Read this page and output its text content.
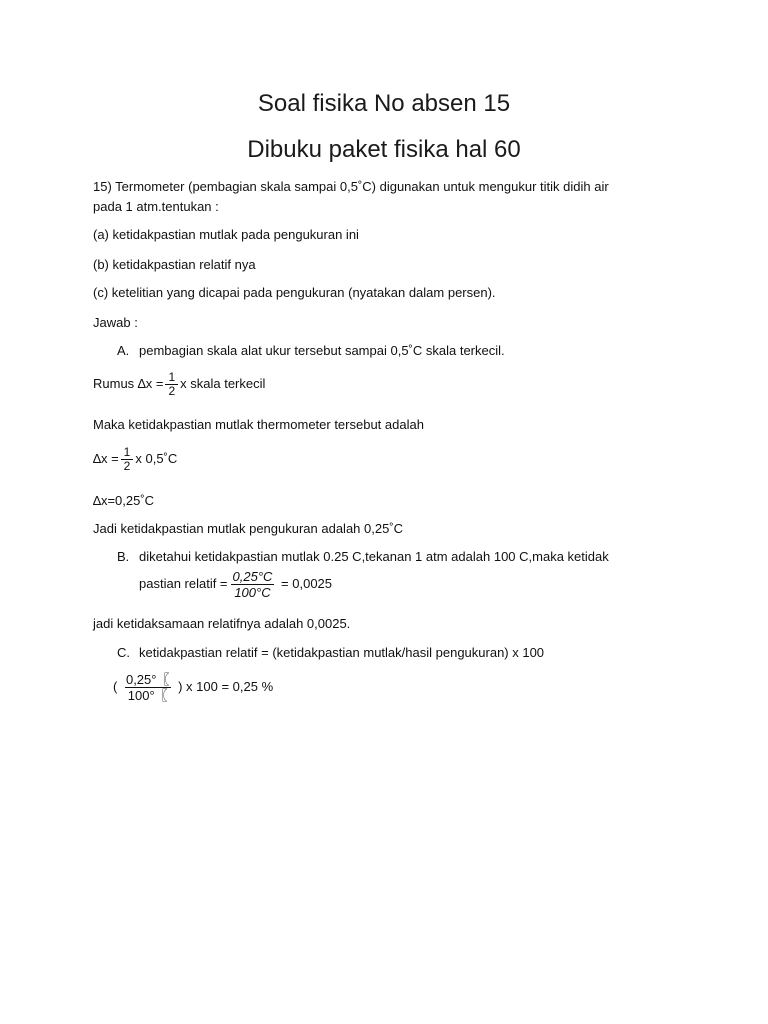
Soal fisika No absen 15
Dibuku paket fisika hal 60
15) Termometer (pembagian skala sampai 0,5˚C) digunakan untuk mengukur titik didih air
pada 1 atm.tentukan :
(a) ketidakpastian mutlak pada pengukuran ini
(b) ketidakpastian relatif nya
(c) ketelitian yang dicapai pada pengukuran (nyatakan dalam persen).
Jawab :
A. pembagian skala alat ukur tersebut sampai 0,5˚C skala terkecil.
Rumus $\Delta x = \frac{1}{2}$ x skala terkecil
Maka ketidakpastian mutlak thermometer tersebut adalah
$\Delta x = \frac{1}{2}$ x 0,5˚C
∆x=0,25˚C
Jadi ketidakpastian mutlak pengukuran adalah 0,25˚C
B. diketahui ketidakpastian mutlak 0.25 C,tekanan 1 atm adalah 100 C,maka ketidak
pastian relatif = $\frac{0,25^\circ C}{100^\circ C} = 0,0025$
jadi ketidaksamaan relatifnya adalah 0,0025.
C. ketidakpastian relatif = (ketidakpastian mutlak/hasil pengukuran) x 100
( $\frac{0,25^\circ〖}{100^\circ〖}$ ) x 100 = 0,25 %
